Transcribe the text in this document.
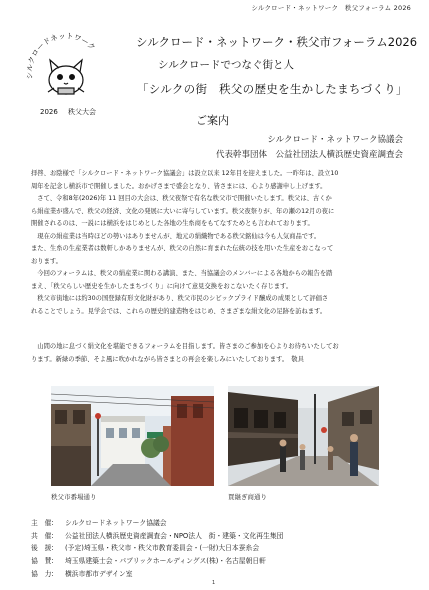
シルクロード・ネットワーク　秩父フォーラム 2026
シルクロードネットワーク
2026 秩父大会
シルクロード・ネットワーク・秩父市フォーラム2026
シルクロードでつなぐ街と人
「シルクの街　秩父の歴史を生かしたまちづくり」
ご案内
シルクロード・ネットワーク協議会
代表幹事団体　公益社団法人横浜歴史資産調査会

拝啓、お陰様で「シルクロード・ネットワーク協議会」は設立以来 12年目を迎えました。一昨年は、設立10

周年を記念し横浜市で開催しました。おかげさまで盛会となり、皆さまには、心より感謝申し上げます。

　さて、令和8年(2026)年 11 回目の大会は、秩父夜祭で有名な秩父市で開催いたします。秩父は、古くか

ら絹産業が盛んで、秩父の経済、文化の発展に大いに寄与しています。秩父夜祭りが、年の瀬の12月の夜に

開催されるのは、一説には横浜をはじめとした各地の生糸商をもてなすためとも言われております。

　現在の絹産業は当時ほどの勢いはありませんが、地元の絹織物である秩父銘仙は今も人気商品です。

また、生糸の生産業者は数軒しかありませんが、秩父の自然に育まれた伝統の技を用いた生産をおこなって

おります。

　今回のフォーラムは、秩父の絹産業に関わる講演、また、当協議会のメンバーによる各地からの報告を踏

まえ、「秩父らしい歴史を生かしたまちづくり」に向けて意見交換をおこないたく存じます。

　秩父市街地には約30の国登録有形文化財があり、秩父市民のシビックプライド醸成の成果として評価さ

れることでしょう。見学会では、これらの歴史的建造物をはじめ、さまざまな絹文化の足跡を訪ねます。

　山間の地に息づく絹文化を堪能できるフォーラムを目指します。皆さまのご参加を心よりお待ちいたしてお

ります。新緑の季節、そよ風に吹かれながら皆さまとの再会を楽しみにいたしております。　敬具

秩父市番場通り	買継ぎ商通り
主　催: シルクロードネットワーク協議会
共　催: 公益社団法人横浜歴史資産調査会・NPO法人　街・建築・文化再生集団
後　援: (予定)埼玉県・秩父市・秩父市教育委員会・(一財)大日本蚕糸会
協　賛: 埼玉県建築士会・パブリックホールディングス(株)・名古屋朝日軒
協　力: 横浜市都市デザイン室
1
